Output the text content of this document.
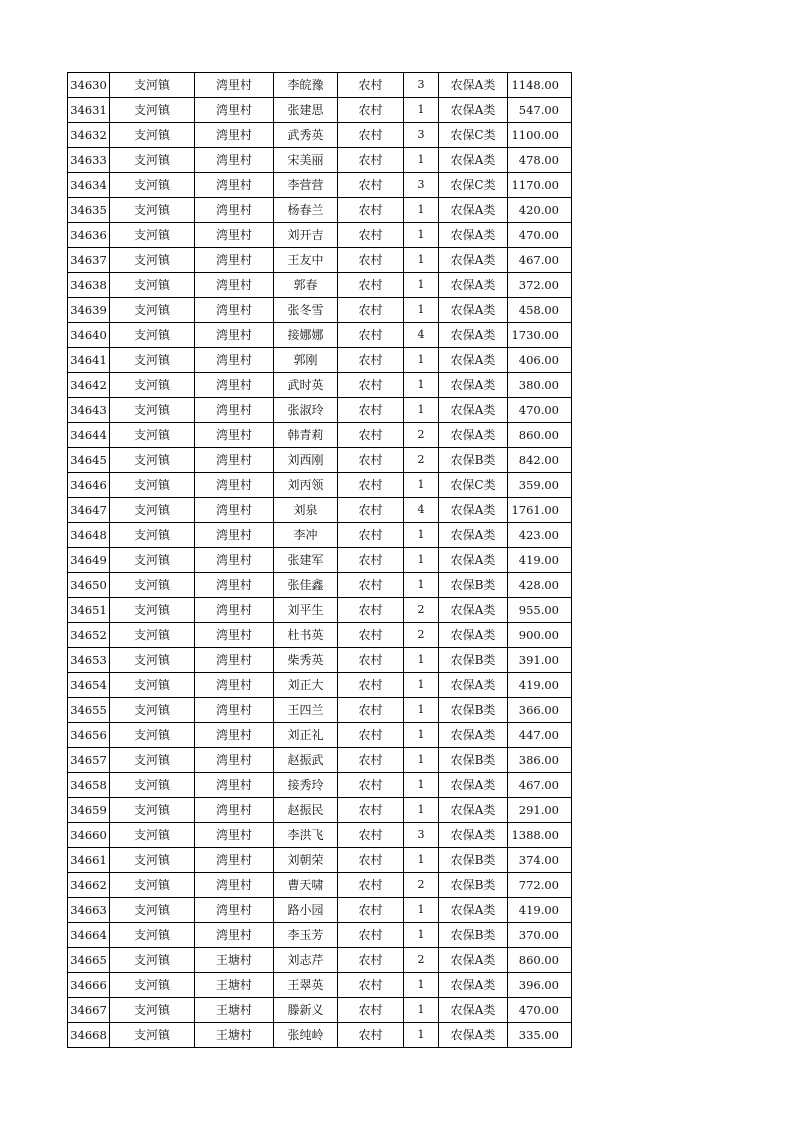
34630	支河镇	湾里村	李皖豫	农村	3	农保A类	1148.00
34631	支河镇	湾里村	张建思	农村	1	农保A类	547.00
34632	支河镇	湾里村	武秀英	农村	3	农保C类	1100.00
34633	支河镇	湾里村	宋美丽	农村	1	农保A类	478.00
34634	支河镇	湾里村	李营营	农村	3	农保C类	1170.00
34635	支河镇	湾里村	杨春兰	农村	1	农保A类	420.00
34636	支河镇	湾里村	刘开吉	农村	1	农保A类	470.00
34637	支河镇	湾里村	王友中	农村	1	农保A类	467.00
34638	支河镇	湾里村	郭春	农村	1	农保A类	372.00
34639	支河镇	湾里村	张冬雪	农村	1	农保A类	458.00
34640	支河镇	湾里村	接娜娜	农村	4	农保A类	1730.00
34641	支河镇	湾里村	郭刚	农村	1	农保A类	406.00
34642	支河镇	湾里村	武时英	农村	1	农保A类	380.00
34643	支河镇	湾里村	张淑玲	农村	1	农保A类	470.00
34644	支河镇	湾里村	韩青莉	农村	2	农保A类	860.00
34645	支河镇	湾里村	刘西刚	农村	2	农保B类	842.00
34646	支河镇	湾里村	刘丙领	农村	1	农保C类	359.00
34647	支河镇	湾里村	刘泉	农村	4	农保A类	1761.00
34648	支河镇	湾里村	李冲	农村	1	农保A类	423.00
34649	支河镇	湾里村	张建军	农村	1	农保A类	419.00
34650	支河镇	湾里村	张佳鑫	农村	1	农保B类	428.00
34651	支河镇	湾里村	刘平生	农村	2	农保A类	955.00
34652	支河镇	湾里村	杜书英	农村	2	农保A类	900.00
34653	支河镇	湾里村	柴秀英	农村	1	农保B类	391.00
34654	支河镇	湾里村	刘正大	农村	1	农保A类	419.00
34655	支河镇	湾里村	王四兰	农村	1	农保B类	366.00
34656	支河镇	湾里村	刘正礼	农村	1	农保A类	447.00
34657	支河镇	湾里村	赵振武	农村	1	农保B类	386.00
34658	支河镇	湾里村	接秀玲	农村	1	农保A类	467.00
34659	支河镇	湾里村	赵振民	农村	1	农保A类	291.00
34660	支河镇	湾里村	李洪飞	农村	3	农保A类	1388.00
34661	支河镇	湾里村	刘朝荣	农村	1	农保B类	374.00
34662	支河镇	湾里村	曹天啸	农村	2	农保B类	772.00
34663	支河镇	湾里村	路小园	农村	1	农保A类	419.00
34664	支河镇	湾里村	李玉芳	农村	1	农保B类	370.00
34665	支河镇	王塘村	刘志芹	农村	2	农保A类	860.00
34666	支河镇	王塘村	王翠英	农村	1	农保A类	396.00
34667	支河镇	王塘村	滕新义	农村	1	农保A类	470.00
34668	支河镇	王塘村	张纯岭	农村	1	农保A类	335.00
